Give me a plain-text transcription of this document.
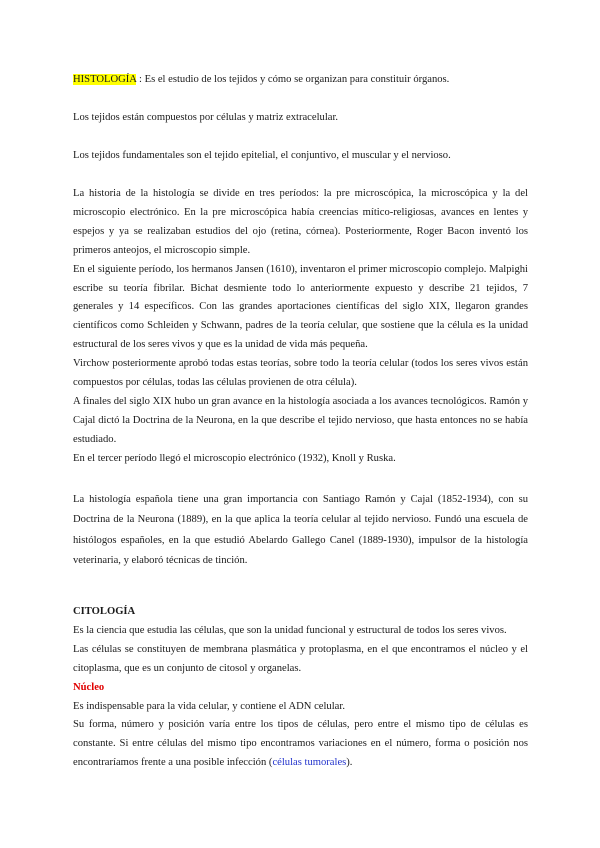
HISTOLOGÍA : Es el estudio de los tejidos y cómo se organizan para constituir órganos.
Los tejidos están compuestos por células y matriz extracelular.
Los tejidos fundamentales son el tejido epitelial, el conjuntivo, el muscular y el nervioso.

La historia de la histología se divide en tres períodos: la pre microscópica, la microscópica y la del microscopio electrónico. En la pre microscópica había creencias mítico-religiosas, avances en lentes y espejos y ya se realizaban estudios del ojo (retina, córnea). Posteriormente, Roger Bacon inventó los primeros anteojos, el microscopio simple.

En el siguiente período, los hermanos Jansen (1610), inventaron el primer microscopio complejo. Malpighi escribe su teoría fibrilar. Bichat desmiente todo lo anteriormente expuesto y describe 21 tejidos, 7 generales y 14 específicos. Con las grandes aportaciones científicas del siglo XIX, llegaron grandes científicos como Schleiden y Schwann, padres de la teoría celular, que sostiene que la célula es la unidad estructural de los seres vivos y que es la unidad de vida más pequeña.

Virchow posteriormente aprobó todas estas teorías, sobre todo la teoría celular (todos los seres vivos están compuestos por células, todas las células provienen de otra célula).

A finales del siglo XIX hubo un gran avance en la histología asociada a los avances tecnológicos. Ramón y Cajal dictó la Doctrina de la Neurona, en la que describe el tejido nervioso, que hasta entonces no se había estudiado.

En el tercer período llegó el microscopio electrónico (1932), Knoll y Ruska.

La histología española tiene una gran importancia con Santiago Ramón y Cajal (1852-1934), con su Doctrina de la Neurona (1889), en la que aplica la teoría celular al tejido nervioso. Fundó una escuela de histólogos españoles, en la que estudió Abelardo Gallego Canel (1889-1930), impulsor de la histología veterinaria, y elaboró técnicas de tinción.

CITOLOGÍA

Es la ciencia que estudia las células, que son la unidad funcional y estructural de todos los seres vivos.

Las células se constituyen de membrana plasmática y protoplasma, en el que encontramos el núcleo y el citoplasma, que es un conjunto de citosol y organelas.

Núcleo

Es indispensable para la vida celular, y contiene el ADN celular.

Su forma, número y posición varía entre los tipos de células, pero entre el mismo tipo de células es constante. Si entre células del mismo tipo encontramos variaciones en el número, forma o posición nos encontraríamos frente a una posible infección (células tumorales).
